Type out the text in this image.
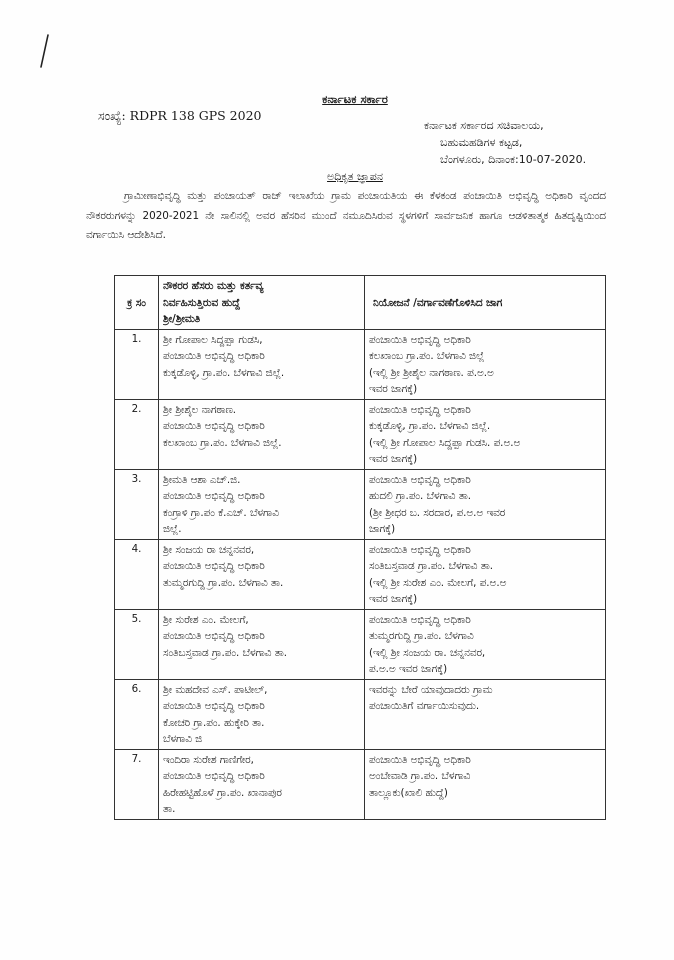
ಕರ್ನಾಟಕ ಸರ್ಕಾರ
ಸಂಖ್ಯೆ: RDPR 138 GPS 2020
ಕರ್ನಾಟಕ ಸರ್ಕಾರದ ಸಚಿವಾಲಯ,
ಬಹುಮಹಡಿಗಳ ಕಟ್ಟಡ,
ಬೆಂಗಳೂರು, ದಿನಾಂಕ:10-07-2020.
ಅಧಿಕೃತ ಜ್ಞಾಪನ
ಗ್ರಾಮೀಣಾಭಿವೃದ್ಧಿ ಮತ್ತು ಪಂಚಾಯತ್ ರಾಜ್ ಇಲಾಖೆಯ ಗ್ರಾಮ ಪಂಚಾಯತಿಯ ಈ ಕೆಳಕಂಡ ಪಂಚಾಯಿತಿ ಅಭಿವೃದ್ಧಿ ಅಧಿಕಾರಿ ವೃಂದದ ನೌಕರರುಗಳನ್ನು 2020-2021 ನೇ ಸಾಲಿನಲ್ಲಿ ಅವರ ಹೆಸರಿನ ಮುಂದೆ ನಮೂದಿಸಿರುವ ಸ್ಥಳಗಳಿಗೆ ಸಾರ್ವಜನಿಕ ಹಾಗೂ ಆಡಳಿತಾತ್ಮಕ ಹಿತದೃಷ್ಟಿಯಿಂದ ವರ್ಗಾಯಿಸಿ ಆದೇಶಿಸಿದೆ.
ಕ್ರ ಸಂ	ನೌಕರರ ಹೆಸರು ಮತ್ತು ಕರ್ತವ್ಯ
ನಿರ್ವಹಿಸುತ್ತಿರುವ ಹುದ್ದೆ
ಶ್ರೀ/ಶ್ರೀಮತಿ	ನಿಯೋಜನೆ /ವರ್ಗಾವಣೆಗೊಳಿಸಿದ ಜಾಗ
1.	ಶ್ರೀ ಗೋಪಾಲ ಸಿದ್ದಪ್ಪಾ ಗುಡಸಿ,
ಪಂಚಾಯಿತಿ ಅಭಿವೃದ್ಧಿ ಅಧಿಕಾರಿ
ಕುಕ್ಕಡೊಳ್ಳಿ, ಗ್ರಾ.ಪಂ. ಬೆಳಗಾವಿ ಜಿಲ್ಲೆ.	ಪಂಚಾಯಿತಿ ಅಭಿವೃದ್ಧಿ ಅಧಿಕಾರಿ
ಕಲಖಾಂಬ ಗ್ರಾ.ಪಂ. ಬೆಳಗಾವಿ ಜಿಲ್ಲೆ
(ಇಲ್ಲಿ ಶ್ರೀ ಶ್ರೀಶೈಲ ನಾಗಠಾಣ. ಪ.ಅ.ಅ
ಇವರ ಜಾಗಕ್ಕೆ)

2.	ಶ್ರೀ ಶ್ರೀಶೈಲ ನಾಗಠಾಣ.
ಪಂಚಾಯಿತಿ ಅಭಿವೃದ್ಧಿ ಅಧಿಕಾರಿ
ಕಲಖಾಂಬ ಗ್ರಾ.ಪಂ. ಬೆಳಗಾವಿ ಜಿಲ್ಲೆ.	ಪಂಚಾಯಿತಿ ಅಭಿವೃದ್ಧಿ ಅಧಿಕಾರಿ
ಕುಕ್ಕಡೊಳ್ಳಿ, ಗ್ರಾ.ಪಂ. ಬೆಳಗಾವಿ ಜಿಲ್ಲೆ.
(ಇಲ್ಲಿ ಶ್ರೀ ಗೋಪಾಲ ಸಿದ್ದಪ್ಪಾ ಗುಡಸಿ. ಪ.ಅ.ಅ
ಇವರ ಜಾಗಕ್ಕೆ)

3.	ಶ್ರೀಮತಿ ಆಶಾ ಎಚ್.ಜಿ.
ಪಂಚಾಯಿತಿ ಅಭಿವೃದ್ಧಿ ಅಧಿಕಾರಿ
ಕಂಗ್ರಾಳಿ ಗ್ರಾ.ಪಂ ಕೆ.ಎಚ್. ಬೆಳಗಾವಿ
ಜಿಲ್ಲೆ.	ಪಂಚಾಯಿತಿ ಅಭಿವೃದ್ಧಿ ಅಧಿಕಾರಿ
ಹುದಲಿ ಗ್ರಾ.ಪಂ. ಬೆಳಗಾವಿ ತಾ.
(ಶ್ರೀ ಶ್ರೀಧರ ಬ. ಸರದಾರ, ಪ.ಅ.ಅ ಇವರ
ಜಾಗಕ್ಕೆ)

4.	ಶ್ರೀ ಸಂಜಯ ರಾ ಚನ್ನನವರ,
ಪಂಚಾಯಿತಿ ಅಭಿವೃದ್ಧಿ ಅಧಿಕಾರಿ
ತುಮ್ಮರಗುದ್ದಿ ಗ್ರಾ.ಪಂ. ಬೆಳಗಾವಿ ತಾ.	ಪಂಚಾಯಿತಿ ಅಭಿವೃದ್ಧಿ ಅಧಿಕಾರಿ
ಸಂತಿಬಸ್ತವಾಡ ಗ್ರಾ.ಪಂ. ಬೆಳಗಾವಿ ತಾ.
(ಇಲ್ಲಿ ಶ್ರೀ ಸುರೇಶ ಎಂ. ಮೇಲಗೆ, ಪ.ಅ.ಅ
ಇವರ ಜಾಗಕ್ಕೆ)

5.	ಶ್ರೀ ಸುರೇಶ ಎಂ. ಮೇಲಗೆ,
ಪಂಚಾಯಿತಿ ಅಭಿವೃದ್ಧಿ ಅಧಿಕಾರಿ
ಸಂತಿಬಸ್ತವಾಡ ಗ್ರಾ.ಪಂ. ಬೆಳಗಾವಿ ತಾ.	ಪಂಚಾಯಿತಿ ಅಭಿವೃದ್ಧಿ ಅಧಿಕಾರಿ
ತುಮ್ಮರಗುದ್ದಿ ಗ್ರಾ.ಪಂ. ಬೆಳಗಾವಿ
(ಇಲ್ಲಿ ಶ್ರೀ ಸಂಜಯ ರಾ. ಚನ್ನನವರ,
ಪ.ಅ.ಅ ಇವರ ಜಾಗಕ್ಕೆ)

6.	ಶ್ರೀ ಮಹದೇವ ಎಸ್. ಪಾಟೀಲ್,
ಪಂಚಾಯಿತಿ ಅಭಿವೃದ್ಧಿ ಅಧಿಕಾರಿ
ಕೋಚರಿ ಗ್ರಾ.ಪಂ. ಹುಕ್ಕೇರಿ ತಾ.
ಬೆಳಗಾವಿ ಜಿ	ಇವರನ್ನು ಬೇರೆ ಯಾವುದಾದರು ಗ್ರಾಮ
ಪಂಚಾಯಿತಿಗೆ ವರ್ಗಾಯಿಸುವುದು.

7.	ಇಂದಿರಾ ಸುರೇಶ ಗಾಣಿಗೇರ,
ಪಂಚಾಯಿತಿ ಅಭಿವೃದ್ಧಿ ಅಧಿಕಾರಿ
ಹಿರೇಹಟ್ಟಿಹೊಳೆ ಗ್ರಾ.ಪಂ. ಖಾನಾಪುರ
ತಾ.	ಪಂಚಾಯಿತಿ ಅಭಿವೃದ್ಧಿ ಅಧಿಕಾರಿ
ಅಂಬೇವಾಡಿ ಗ್ರಾ.ಪಂ. ಬೆಳಗಾವಿ
ತಾಲ್ಲೂಕು(ಖಾಲಿ ಹುದ್ದೆ)
